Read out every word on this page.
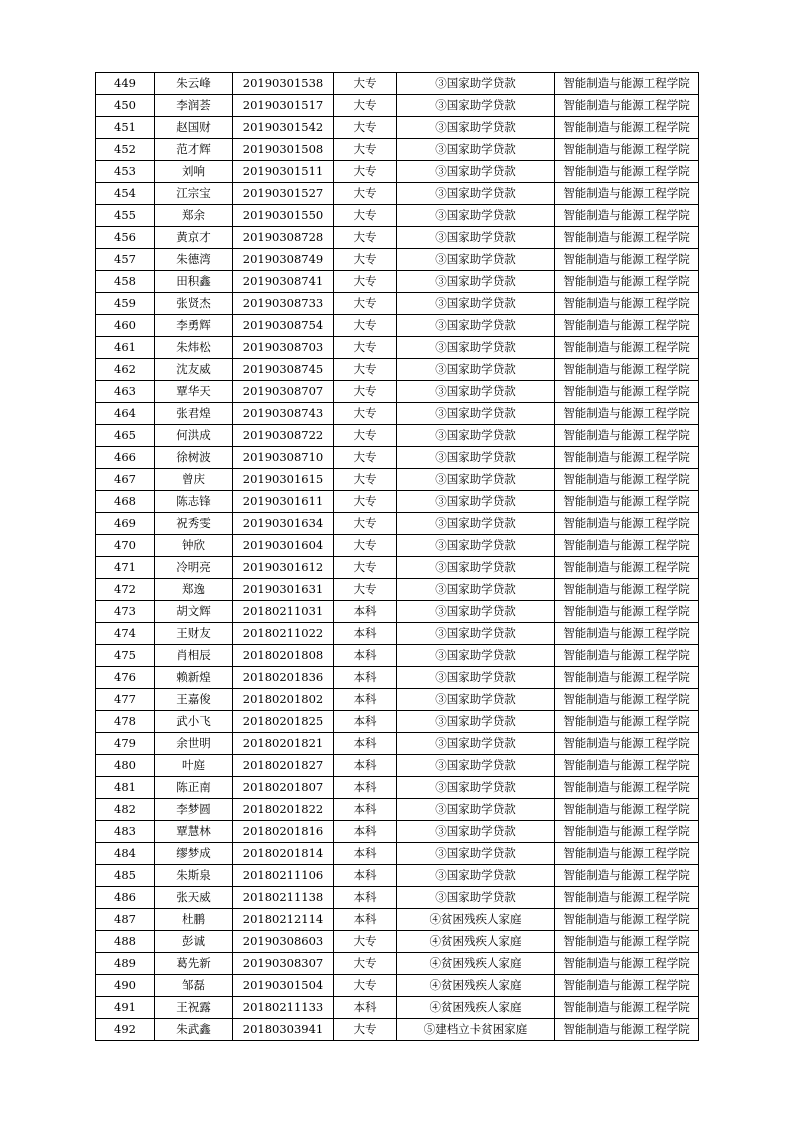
449	朱云峰	20190301538	大专	③国家助学贷款	智能制造与能源工程学院
450	李润荟	20190301517	大专	③国家助学贷款	智能制造与能源工程学院
451	赵国财	20190301542	大专	③国家助学贷款	智能制造与能源工程学院
452	范才辉	20190301508	大专	③国家助学贷款	智能制造与能源工程学院
453	刘响	20190301511	大专	③国家助学贷款	智能制造与能源工程学院
454	江宗宝	20190301527	大专	③国家助学贷款	智能制造与能源工程学院
455	郑余	20190301550	大专	③国家助学贷款	智能制造与能源工程学院
456	黄京才	20190308728	大专	③国家助学贷款	智能制造与能源工程学院
457	朱德湾	20190308749	大专	③国家助学贷款	智能制造与能源工程学院
458	田积鑫	20190308741	大专	③国家助学贷款	智能制造与能源工程学院
459	张贤杰	20190308733	大专	③国家助学贷款	智能制造与能源工程学院
460	李勇辉	20190308754	大专	③国家助学贷款	智能制造与能源工程学院
461	朱炜松	20190308703	大专	③国家助学贷款	智能制造与能源工程学院
462	沈友威	20190308745	大专	③国家助学贷款	智能制造与能源工程学院
463	覃华天	20190308707	大专	③国家助学贷款	智能制造与能源工程学院
464	张君煌	20190308743	大专	③国家助学贷款	智能制造与能源工程学院
465	何洪成	20190308722	大专	③国家助学贷款	智能制造与能源工程学院
466	徐树波	20190308710	大专	③国家助学贷款	智能制造与能源工程学院
467	曾庆	20190301615	大专	③国家助学贷款	智能制造与能源工程学院
468	陈志锋	20190301611	大专	③国家助学贷款	智能制造与能源工程学院
469	祝秀雯	20190301634	大专	③国家助学贷款	智能制造与能源工程学院
470	钟欣	20190301604	大专	③国家助学贷款	智能制造与能源工程学院
471	冷明亮	20190301612	大专	③国家助学贷款	智能制造与能源工程学院
472	郑逸	20190301631	大专	③国家助学贷款	智能制造与能源工程学院
473	胡文辉	20180211031	本科	③国家助学贷款	智能制造与能源工程学院
474	王财友	20180211022	本科	③国家助学贷款	智能制造与能源工程学院
475	肖相辰	20180201808	本科	③国家助学贷款	智能制造与能源工程学院
476	赖新煌	20180201836	本科	③国家助学贷款	智能制造与能源工程学院
477	王嘉俊	20180201802	本科	③国家助学贷款	智能制造与能源工程学院
478	武小飞	20180201825	本科	③国家助学贷款	智能制造与能源工程学院
479	余世明	20180201821	本科	③国家助学贷款	智能制造与能源工程学院
480	叶庭	20180201827	本科	③国家助学贷款	智能制造与能源工程学院
481	陈正南	20180201807	本科	③国家助学贷款	智能制造与能源工程学院
482	李梦圆	20180201822	本科	③国家助学贷款	智能制造与能源工程学院
483	覃慧林	20180201816	本科	③国家助学贷款	智能制造与能源工程学院
484	缪梦成	20180201814	本科	③国家助学贷款	智能制造与能源工程学院
485	朱斯泉	20180211106	本科	③国家助学贷款	智能制造与能源工程学院
486	张天威	20180211138	本科	③国家助学贷款	智能制造与能源工程学院
487	杜鹏	20180212114	本科	④贫困残疾人家庭	智能制造与能源工程学院
488	彭诚	20190308603	大专	④贫困残疾人家庭	智能制造与能源工程学院
489	葛先新	20190308307	大专	④贫困残疾人家庭	智能制造与能源工程学院
490	邹磊	20190301504	大专	④贫困残疾人家庭	智能制造与能源工程学院
491	王祝露	20180211133	本科	④贫困残疾人家庭	智能制造与能源工程学院
492	朱武鑫	20180303941	大专	⑤建档立卡贫困家庭	智能制造与能源工程学院
